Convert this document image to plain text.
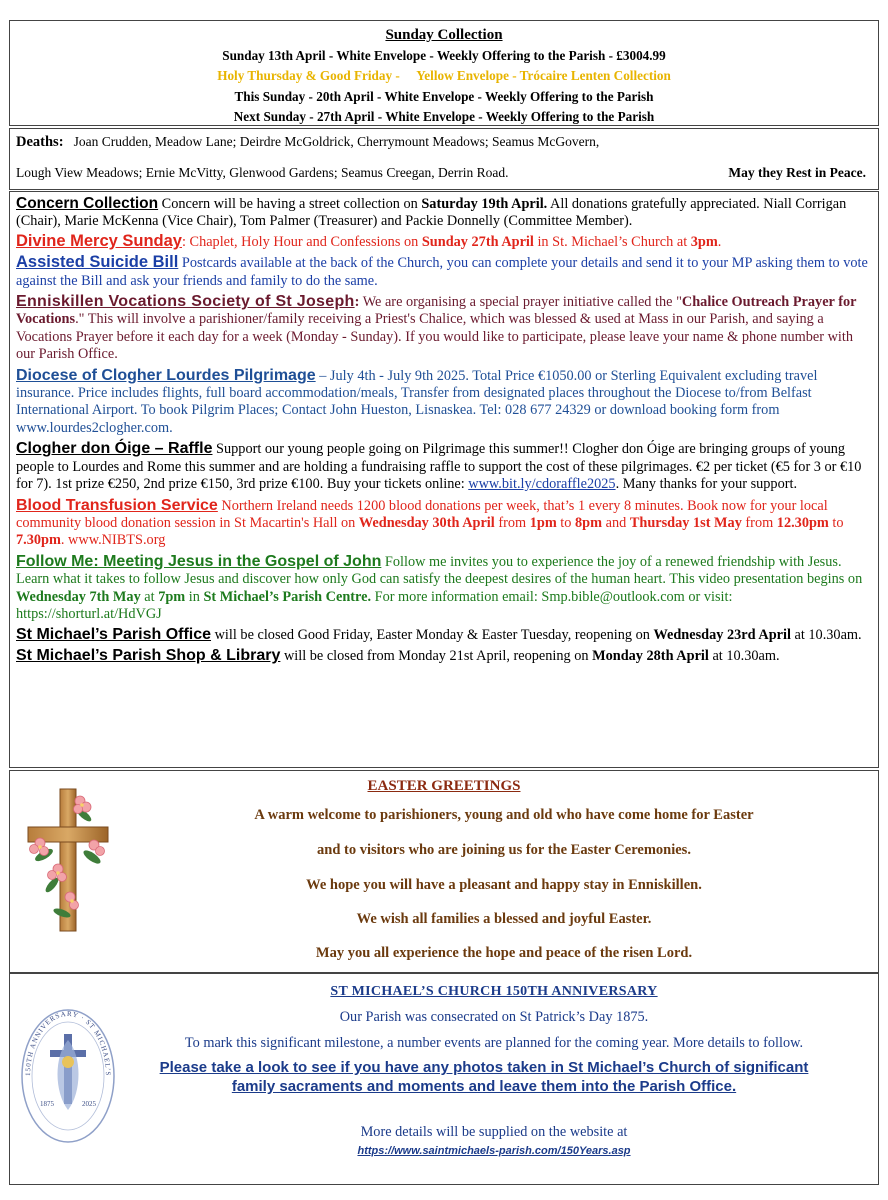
Sunday Collection

Sunday 13th April - White Envelope - Weekly Offering to the Parish - £3004.99

Holy Thursday & Good Friday - Yellow Envelope - Trócaire Lenten Collection

This Sunday - 20th April - White Envelope - Weekly Offering to the Parish

Next Sunday - 27th April - White Envelope - Weekly Offering to the Parish

Deaths: Joan Crudden, Meadow Lane; Deirdre McGoldrick, Cherrymount Meadows; Seamus McGovern,
Lough View Meadows; Ernie McVitty, Glenwood Gardens; Seamus Creegan, Derrin Road.	May they Rest in Peace.

Concern Collection Concern will be having a street collection on Saturday 19th April. All donations gratefully appreciated. Niall Corrigan (Chair), Marie McKenna (Vice Chair), Tom Palmer (Treasurer) and Packie Donnelly (Committee Member).

Divine Mercy Sunday: Chaplet, Holy Hour and Confessions on Sunday 27th April in St. Michael’s Church at 3pm.

Assisted Suicide Bill Postcards available at the back of the Church, you can complete your details and send it to your MP asking them to vote against the Bill and ask your friends and family to do the same.

Enniskillen Vocations Society of St Joseph: We are organising a special prayer initiative called the "Chalice Outreach Prayer for Vocations." This will involve a parishioner/family receiving a Priest's Chalice, which was blessed & used at Mass in our Parish, and saying a Vocations Prayer before it each day for a week (Monday - Sunday). If you would like to participate, please leave your name & phone number with our Parish Office.

Diocese of Clogher Lourdes Pilgrimage – July 4th - July 9th 2025. Total Price €1050.00 or Sterling Equivalent excluding travel insurance. Price includes flights, full board accommodation/meals, Transfer from designated places throughout the Diocese to/from Belfast International Airport. To book Pilgrim Places; Contact John Hueston, Lisnaskea. Tel: 028 677 24329 or download booking form from www.lourdes2clogher.com.

Clogher don Óige – Raffle Support our young people going on Pilgrimage this summer!! Clogher don Óige are bringing groups of young people to Lourdes and Rome this summer and are holding a fundraising raffle to support the cost of these pilgrimages. €2 per ticket (€5 for 3 or €10 for 7). 1st prize €250, 2nd prize €150, 3rd prize €100. Buy your tickets online: www.bit.ly/cdoraffle2025. Many thanks for your support.

Blood Transfusion Service Northern Ireland needs 1200 blood donations per week, that’s 1 every 8 minutes. Book now for your local community blood donation session in St Macartin's Hall on Wednesday 30th April from 1pm to 8pm and Thursday 1st May from 12.30pm to 7.30pm. www.NIBTS.org

Follow Me: Meeting Jesus in the Gospel of John Follow me invites you to experience the joy of a renewed friendship with Jesus. Learn what it takes to follow Jesus and discover how only God can satisfy the deepest desires of the human heart. This video presentation begins on Wednesday 7th May at 7pm in St Michael’s Parish Centre. For more information email: Smp.bible@outlook.com or visit: https://shorturl.at/HdVGJ

St Michael’s Parish Office will be closed Good Friday, Easter Monday & Easter Tuesday, reopening on Wednesday 23rd April at 10.30am.

St Michael’s Parish Shop & Library will be closed from Monday 21st April, reopening on Monday 28th April at 10.30am.

EASTER GREETINGS
A warm welcome to parishioners, young and old who have come home for Easter
and to visitors who are joining us for the Easter Ceremonies.
We hope you will have a pleasant and happy stay in Enniskillen.
We wish all families a blessed and joyful Easter.
May you all experience the hope and peace of the risen Lord.
1875	2025
150TH ANNIVERSARY · ST MICHAEL’S
ST MICHAEL’S CHURCH 150TH ANNIVERSARY
Our Parish was consecrated on St Patrick’s Day 1875.
To mark this significant milestone, a number events are planned for the coming year. More details to follow.
Please take a look to see if you have any photos taken in St Michael’s Church of significant family sacraments and moments and leave them into the Parish Office.
More details will be supplied on the website at
https://www.saintmichaels-parish.com/150Years.asp
